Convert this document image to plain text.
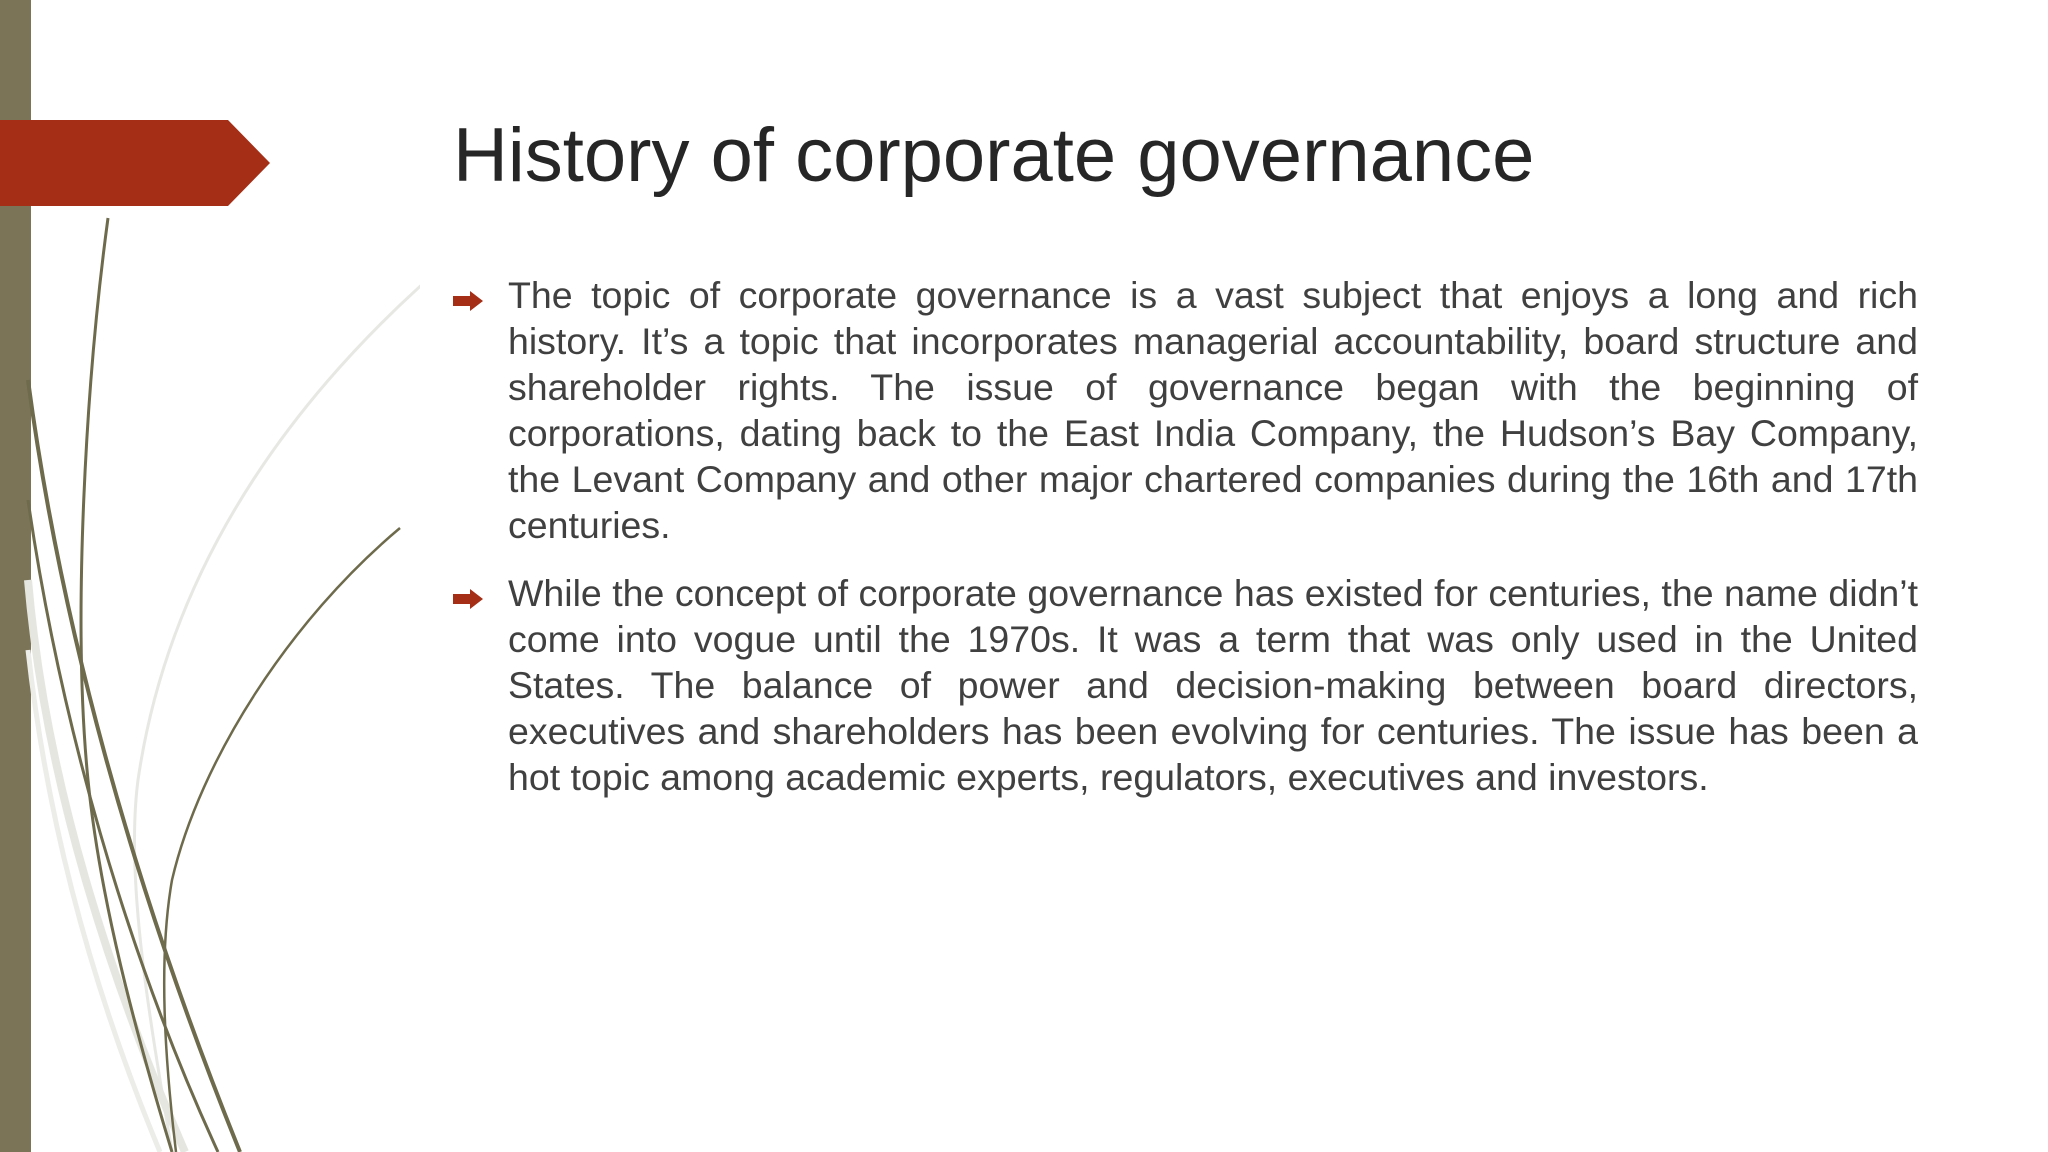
History of corporate governance
The topic of corporate governance is a vast subject that enjoys a long and rich history. It’s a topic that incorporates managerial accountability, board structure and shareholder rights. The issue of governance began with the beginning of corporations, dating back to the East India Company, the Hudson’s Bay Company, the Levant Company and other major chartered companies during the 16th and 17th centuries.
While the concept of corporate governance has existed for centuries, the name didn’t come into vogue until the 1970s. It was a term that was only used in the United States. The balance of power and decision-making between board directors, executives and shareholders has been evolving for centuries. The issue has been a hot topic among academic experts, regulators, executives and investors.
